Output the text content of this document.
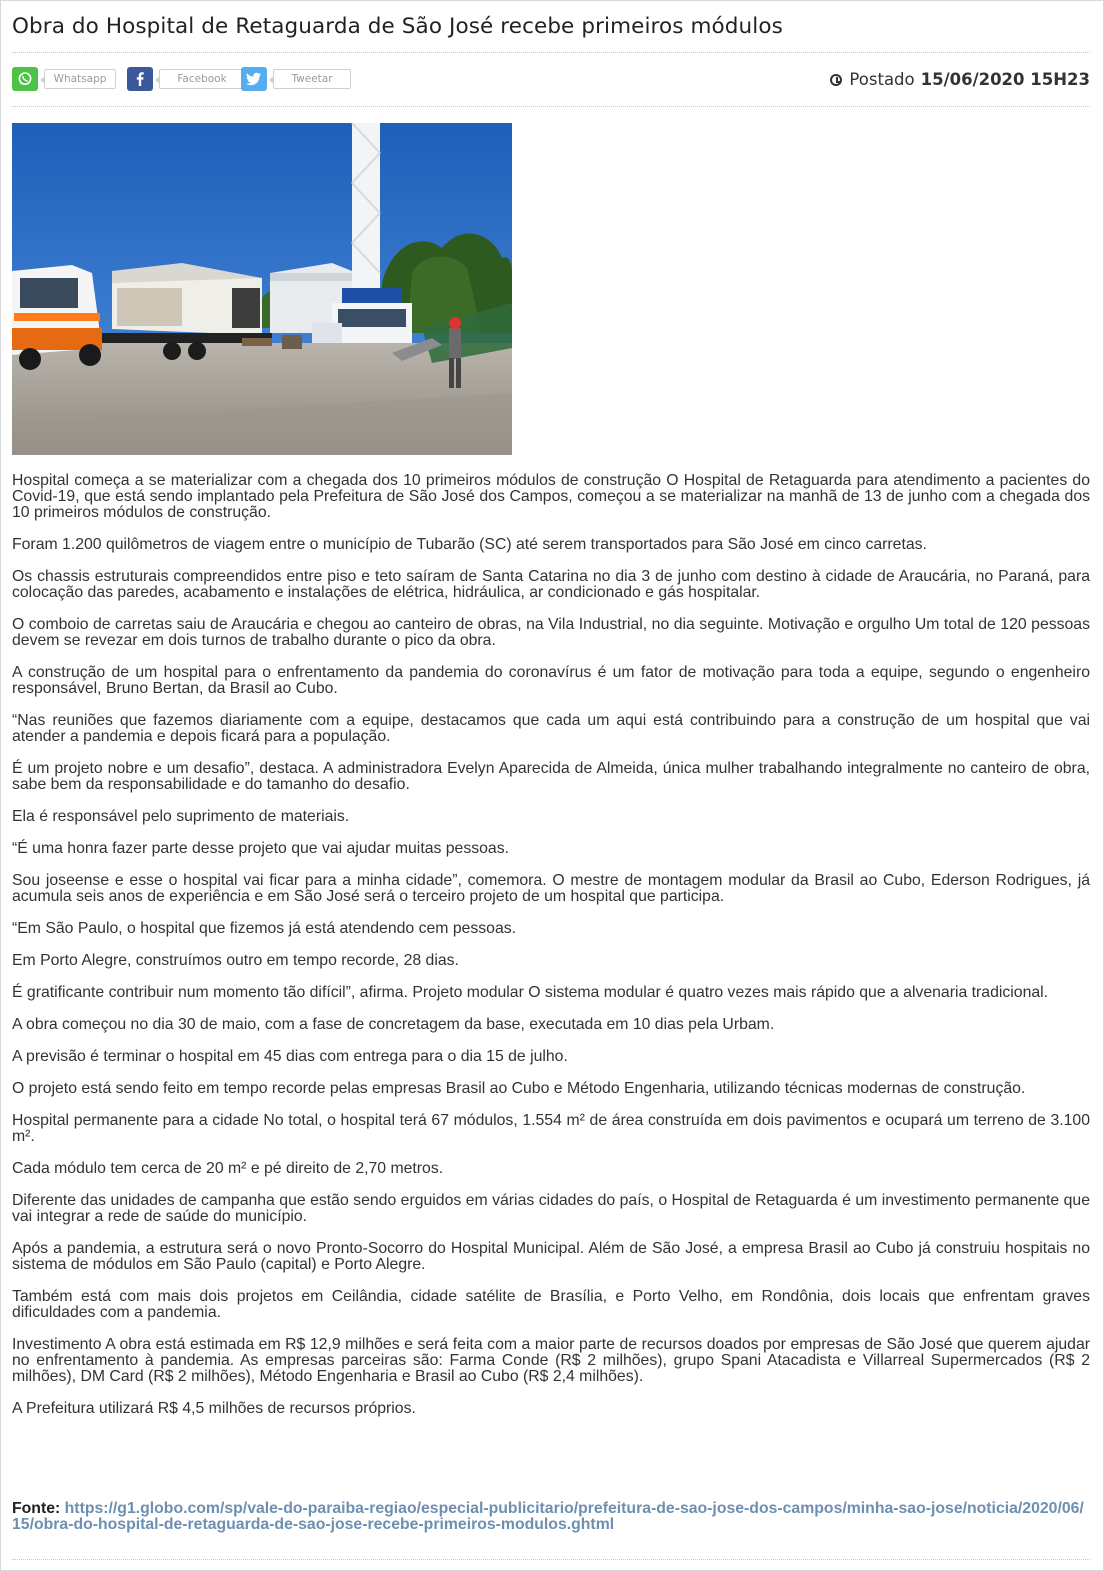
Obra do Hospital de Retaguarda de São José recebe primeiros módulos
Whatsapp	Facebook	Tweetar	Postado 15/06/2020 15H23

Hospital começa a se materializar com a chegada dos 10 primeiros módulos de construção O Hospital de Retaguarda para atendimento a pacientes do Covid-19, que está sendo implantado pela Prefeitura de São José dos Campos, começou a se materializar na manhã de 13 de junho com a chegada dos 10 primeiros módulos de construção.

Foram 1.200 quilômetros de viagem entre o município de Tubarão (SC) até serem transportados para São José em cinco carretas.

Os chassis estruturais compreendidos entre piso e teto saíram de Santa Catarina no dia 3 de junho com destino à cidade de Araucária, no Paraná, para colocação das paredes, acabamento e instalações de elétrica, hidráulica, ar condicionado e gás hospitalar.

O comboio de carretas saiu de Araucária e chegou ao canteiro de obras, na Vila Industrial, no dia seguinte. Motivação e orgulho Um total de 120 pessoas devem se revezar em dois turnos de trabalho durante o pico da obra.

A construção de um hospital para o enfrentamento da pandemia do coronavírus é um fator de motivação para toda a equipe, segundo o engenheiro responsável, Bruno Bertan, da Brasil ao Cubo.

“Nas reuniões que fazemos diariamente com a equipe, destacamos que cada um aqui está contribuindo para a construção de um hospital que vai atender a pandemia e depois ficará para a população.

É um projeto nobre e um desafio”, destaca. A administradora Evelyn Aparecida de Almeida, única mulher trabalhando integralmente no canteiro de obra, sabe bem da responsabilidade e do tamanho do desafio.

Ela é responsável pelo suprimento de materiais.

“É uma honra fazer parte desse projeto que vai ajudar muitas pessoas.

Sou joseense e esse o hospital vai ficar para a minha cidade”, comemora. O mestre de montagem modular da Brasil ao Cubo, Ederson Rodrigues, já acumula seis anos de experiência e em São José será o terceiro projeto de um hospital que participa.

“Em São Paulo, o hospital que fizemos já está atendendo cem pessoas.

Em Porto Alegre, construímos outro em tempo recorde, 28 dias.

É gratificante contribuir num momento tão difícil”, afirma. Projeto modular O sistema modular é quatro vezes mais rápido que a alvenaria tradicional.

A obra começou no dia 30 de maio, com a fase de concretagem da base, executada em 10 dias pela Urbam.

A previsão é terminar o hospital em 45 dias com entrega para o dia 15 de julho.

O projeto está sendo feito em tempo recorde pelas empresas Brasil ao Cubo e Método Engenharia, utilizando técnicas modernas de construção.

Hospital permanente para a cidade No total, o hospital terá 67 módulos, 1.554 m² de área construída em dois pavimentos e ocupará um terreno de 3.100 m².

Cada módulo tem cerca de 20 m² e pé direito de 2,70 metros.

Diferente das unidades de campanha que estão sendo erguidos em várias cidades do país, o Hospital de Retaguarda é um investimento permanente que vai integrar a rede de saúde do município.

Após a pandemia, a estrutura será o novo Pronto-Socorro do Hospital Municipal. Além de São José, a empresa Brasil ao Cubo já construiu hospitais no sistema de módulos em São Paulo (capital) e Porto Alegre.

Também está com mais dois projetos em Ceilândia, cidade satélite de Brasília, e Porto Velho, em Rondônia, dois locais que enfrentam graves dificuldades com a pandemia.

Investimento A obra está estimada em R$ 12,9 milhões e será feita com a maior parte de recursos doados por empresas de São José que querem ajudar no enfrentamento à pandemia. As empresas parceiras são: Farma Conde (R$ 2 milhões), grupo Spani Atacadista e Villarreal Supermercados (R$ 2 milhões), DM Card (R$ 2 milhões), Método Engenharia e Brasil ao Cubo (R$ 2,4 milhões).

A Prefeitura utilizará R$ 4,5 milhões de recursos próprios.

Fonte: https://g1.globo.com/sp/vale-do-paraiba-regiao/especial-publicitario/prefeitura-de-sao-jose-dos-campos/minha-sao-jose/noticia/2020/06/15/obra-do-hospital-de-retaguarda-de-sao-jose-recebe-primeiros-modulos.ghtml
